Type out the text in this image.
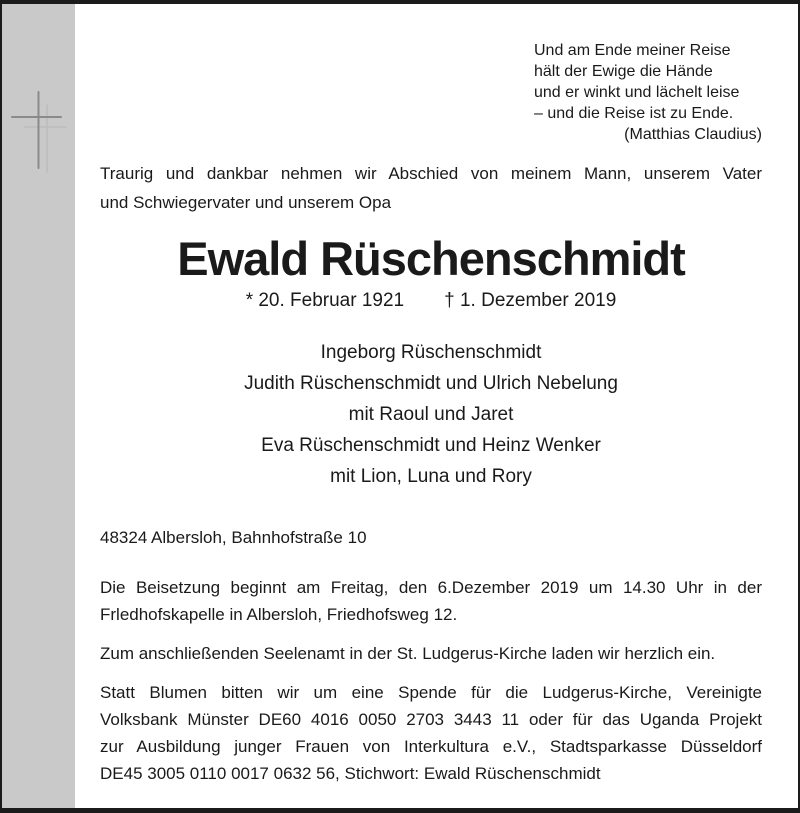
Und am Ende meiner Reise
hält der Ewige die Hände
und er winkt und lächelt leise
– und die Reise ist zu Ende.
(Matthias Claudius)
Traurig und dankbar nehmen wir Abschied von meinem Mann, unserem Vater
und Schwiegervater und unserem Opa
Ewald Rüschenschmidt
* 20. Februar 1921 † 1. Dezember 2019
Ingeborg Rüschenschmidt
Judith Rüschenschmidt und Ulrich Nebelung
mit Raoul und Jaret
Eva Rüschenschmidt und Heinz Wenker
mit Lion, Luna und Rory
48324 Albersloh, Bahnhofstraße 10
Die Beisetzung beginnt am Freitag, den 6.Dezember 2019 um 14.30 Uhr in der
Frledhofskapelle in Albersloh, Friedhofsweg 12.
Zum anschließenden Seelenamt in der St. Ludgerus-Kirche laden wir herzlich ein.
Statt Blumen bitten wir um eine Spende für die Ludgerus-Kirche, Vereinigte
Volksbank Münster DE60 4016 0050 2703 3443 11 oder für das Uganda Projekt
zur Ausbildung junger Frauen von Interkultura e.V., Stadtsparkasse Düsseldorf
DE45 3005 0110 0017 0632 56, Stichwort: Ewald Rüschenschmidt
